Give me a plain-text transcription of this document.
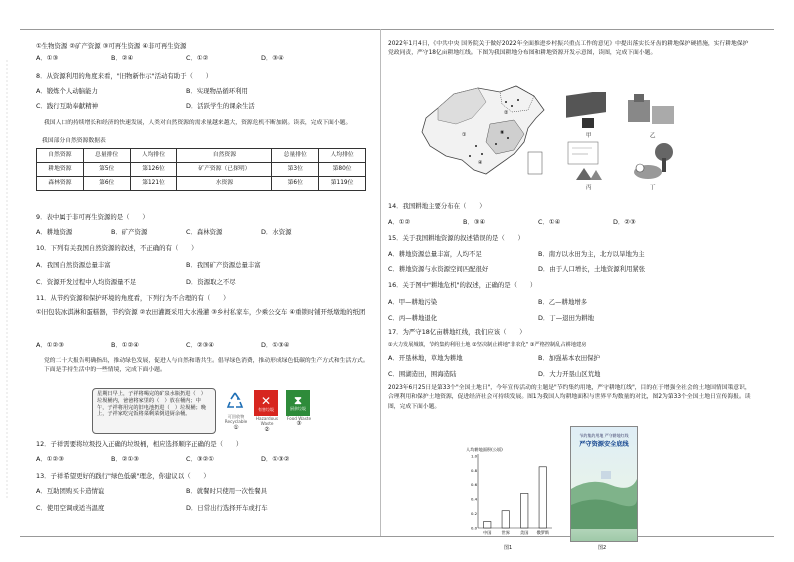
①生物资源 ②矿产资源 ③可再生资源 ④非可再生资源
A．①③	B．②④	C．①②	D．③④
8．从资源利用的角度来看，"旧物新作示"活动有助于（　　）
A．锻炼个人动脑能力	B．实现物品循环利用
C．践行互助奉献精神	D．活跃学生的课余生活
我国人口的持续增长和经济的快速发展，人类对自然资源的需求量越来越大，资源危机不断加剧。读表，完成下面小题。
我国部分自然资源数据表
自然资源	总量排位	人均排位	自然资源	总量排位	人均排位
耕地资源	第5位	第126位	矿产资源（已探明）	第3位	第80位
森林资源	第6位	第121位	水资源	第6位	第119位
9．表中属于非可再生资源的是（　　）
A．耕地资源	B．矿产资源	C．森林资源	D．水资源
10．下列有关我国自然资源的叙述，不正确的有（　　）
A．我国自然资源总量丰富	B．我国矿产资源总量丰富
C．资源开发过程中人均资源量不足	D．资源取之不尽
11．从节约资源和保护环境的角度看，下列行为不合理的有（　　）
①旧包装冰淇淋和蛋糕器，节约资源 ②农田灌溉采用大水漫灌 ③乡村私家车，少乘公交车 ④重锁时铺开纸墩地的纸团
A．①②③	B．①②④	C．②③④	D．①③④
党的二十大报告明确指出，推动绿色发展，促进人与自然和谐共生。倡导绿色消费，推动形成绿色低碳的生产方式和生活方式。下面是手持生活中的一些情境，完成下面小题。
星期日早上，子祥将喝完的矿泉水瓶扔进（　）垃圾桶内，爸爸将家里的（　）放在桶内；中午，子祥将用完的旧电池扔进（　）垃圾桶；晚上，子祥家吃完饭将菜剩菜倒进厨余桶。	可回收物
Recyclable
①
✕
有害垃圾
Hazardous Waste
②
⧗
厨余垃圾
Food Waste
③
12．子祥需要将垃圾投入正确的垃圾桶，相应选择顺序正确的是（　　）
A．①②③	B．②①③	C．③②①	D．①③②
13．子祥希望更好的践行"绿色低碳"理念，你建议以（　　）
A．互助团购买卡造情谊	B．就餐时只使用一次性餐具
C．使用空调或适当温度	D．日常出行选择开车或打车
2022年1月4日，《中共中央 国务院关于做好2022年全面推进乡村振兴重点工作的意见》中提出落实长牙齿的耕地保护硬措施，实行耕地保护党政同责，严守18亿亩耕地红线。下图为我国耕地分布图和耕地资源开发示意图，读图，完成下面小题。
①
②
③
④
甲	乙
丙	丁
14．我国耕地主要分布在（　　）
A．①②	B．③④	C．①④	D．②③
15．关于我国耕地资源的叙述错误的是（　　）
A．耕地资源总量丰富，人均不足	B．南方以水田为主，北方以旱地为主
C．耕地资源与水资源空间匹配很好	D．由于人口增长，土地资源利用紧张
16．关于图中"耕地危机"的叙述，正确的是（　　）
A．甲—耕地污染	B．乙—耕地增多
C．丙—耕地退化	D．丁—退田为耕地
17．为严守18亿亩耕地红线，我们应该（　　）
①大力发展城镇，节约集约利用土地 ②坚决制止耕地"非农化" ③严格控制乱占耕地建房
A．开垦林地，草地为耕地	B．加强基本农田保护
C．围湖造田，围海造陆	D．大力开垦山区荒地
2023年6月25日是第33个"全国土地日"，今年宣传活动的主题是"节约集约用地，严守耕地红线"，目的在于增强全社会的土地国情国策意识，合理利用和保护土地资源，促进经济社会可持续发展。图1为我国人均耕地面积与世界平均数量的对比，图2为第33个全国土地日宣传海报。读图，完成下面小题。
人均耕地面积(公顷)
中国 世界 美国 俄罗斯
0.0
0.2
0.4
0.6
0.8
1.0
图1
节约集约用地 严守耕地红线
严守资源安全底线
图2
